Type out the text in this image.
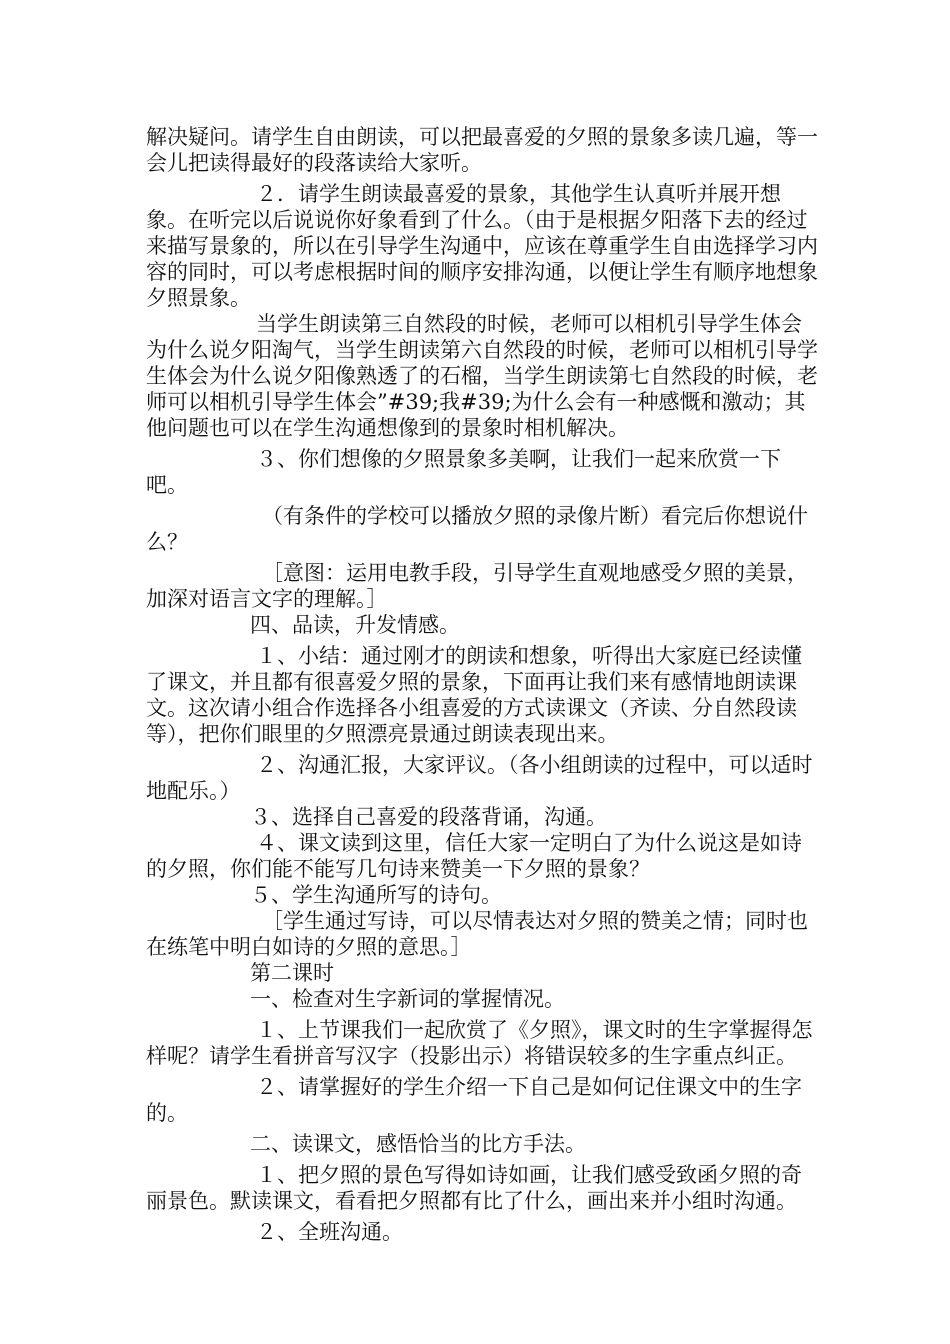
解决疑问。请学生自由朗读，可以把最喜爱的夕照的景象多读几遍，等一会儿把读得最好的段落读给大家听。

２．请学生朗读最喜爱的景象，其他学生认真听并展开想象。在听完以后说说你好象看到了什么。（由于是根据夕阳落下去的经过来描写景象的，所以在引导学生沟通中，应该在尊重学生自由选择学习内容的同时，可以考虑根据时间的顺序安排沟通，以便让学生有顺序地想象夕照景象。

当学生朗读第三自然段的时候，老师可以相机引导学生体会为什么说夕阳淘气，当学生朗读第六自然段的时候，老师可以相机引导学生体会为什么说夕阳像熟透了的石榴，当学生朗读第七自然段的时候，老师可以相机引导学生体会”#39;我#39;为什么会有一种感慨和激动；其他问题也可以在学生沟通想像到的景象时相机解决。

３、你们想像的夕照景象多美啊，让我们一起来欣赏一下吧。

（有条件的学校可以播放夕照的录像片断）看完后你想说什么？

［意图：运用电教手段，引导学生直观地感受夕照的美景，加深对语言文字的理解。］

四、品读，升发情感。

１、小结：通过刚才的朗读和想象，听得出大家庭已经读懂了课文，并且都有很喜爱夕照的景象，下面再让我们来有感情地朗读课文。这次请小组合作选择各小组喜爱的方式读课文（齐读、分自然段读等），把你们眼里的夕照漂亮景通过朗读表现出来。

２、沟通汇报，大家评议。（各小组朗读的过程中，可以适时地配乐。）

３、选择自己喜爱的段落背诵，沟通。

４、课文读到这里，信任大家一定明白了为什么说这是如诗的夕照，你们能不能写几句诗来赞美一下夕照的景象？

５、学生沟通所写的诗句。

［学生通过写诗，可以尽情表达对夕照的赞美之情；同时也在练笔中明白如诗的夕照的意思。］

第二课时

一、检查对生字新词的掌握情况。

１、上节课我们一起欣赏了《夕照》，课文时的生字掌握得怎样呢？请学生看拼音写汉字（投影出示）将错误较多的生字重点纠正。

２、请掌握好的学生介绍一下自己是如何记住课文中的生字的。

二、读课文，感悟恰当的比方手法。

１、把夕照的景色写得如诗如画，让我们感受致函夕照的奇丽景色。默读课文，看看把夕照都有比了什么，画出来并小组时沟通。

２、全班沟通。
